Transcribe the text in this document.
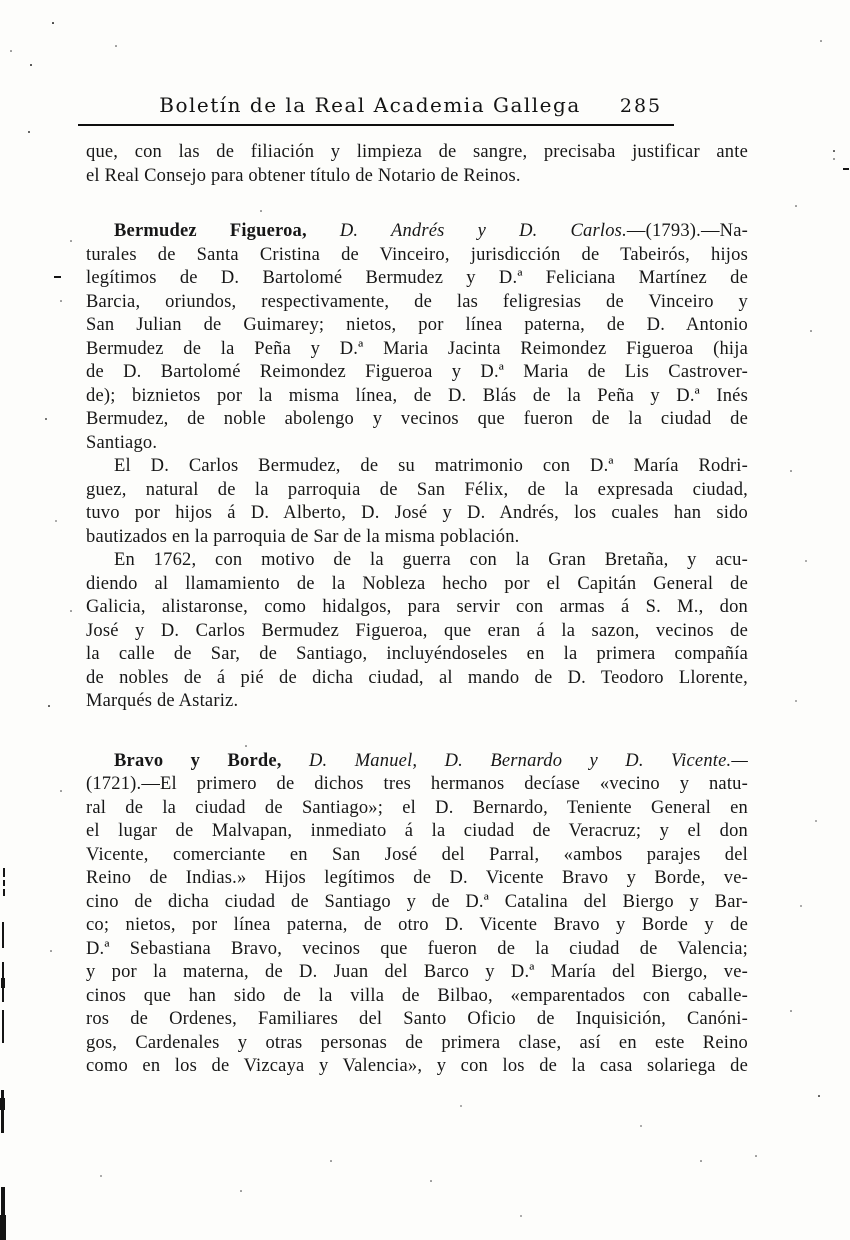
Boletín de la Real Academia Gallega 285
que, con las de filiación y limpieza de sangre, precisaba justificar ante
el Real Consejo para obtener título de Notario de Reinos.
Bermudez Figueroa, D. Andrés y D. Carlos.—(1793).—Na-
turales de Santa Cristina de Vinceiro, jurisdicción de Tabeirós, hijos
legítimos de D. Bartolomé Bermudez y D.ª Feliciana Martínez de
Barcia, oriundos, respectivamente, de las feligresias de Vinceiro y
San Julian de Guimarey; nietos, por línea paterna, de D. Antonio
Bermudez de la Peña y D.ª Maria Jacinta Reimondez Figueroa (hija
de D. Bartolomé Reimondez Figueroa y D.ª Maria de Lis Castrover-
de); biznietos por la misma línea, de D. Blás de la Peña y D.ª Inés
Bermudez, de noble abolengo y vecinos que fueron de la ciudad de
Santiago.
El D. Carlos Bermudez, de su matrimonio con D.ª María Rodri-
guez, natural de la parroquia de San Félix, de la expresada ciudad,
tuvo por hijos á D. Alberto, D. José y D. Andrés, los cuales han sido
bautizados en la parroquia de Sar de la misma población.
En 1762, con motivo de la guerra con la Gran Bretaña, y acu-
diendo al llamamiento de la Nobleza hecho por el Capitán General de
Galicia, alistaronse, como hidalgos, para servir con armas á S. M., don
José y D. Carlos Bermudez Figueroa, que eran á la sazon, vecinos de
la calle de Sar, de Santiago, incluyéndoseles en la primera compañía
de nobles de á pié de dicha ciudad, al mando de D. Teodoro Llorente,
Marqués de Astariz.
Bravo y Borde, D. Manuel, D. Bernardo y D. Vicente.—
(1721).—El primero de dichos tres hermanos decíase «vecino y natu-
ral de la ciudad de Santiago»; el D. Bernardo, Teniente General en
el lugar de Malvapan, inmediato á la ciudad de Veracruz; y el don
Vicente, comerciante en San José del Parral, «ambos parajes del
Reino de Indias.» Hijos legítimos de D. Vicente Bravo y Borde, ve-
cino de dicha ciudad de Santiago y de D.ª Catalina del Biergo y Bar-
co; nietos, por línea paterna, de otro D. Vicente Bravo y Borde y de
D.ª Sebastiana Bravo, vecinos que fueron de la ciudad de Valencia;
y por la materna, de D. Juan del Barco y D.ª María del Biergo, ve-
cinos que han sido de la villa de Bilbao, «emparentados con caballe-
ros de Ordenes, Familiares del Santo Oficio de Inquisición, Canóni-
gos, Cardenales y otras personas de primera clase, así en este Reino
como en los de Vizcaya y Valencia», y con los de la casa solariega de
